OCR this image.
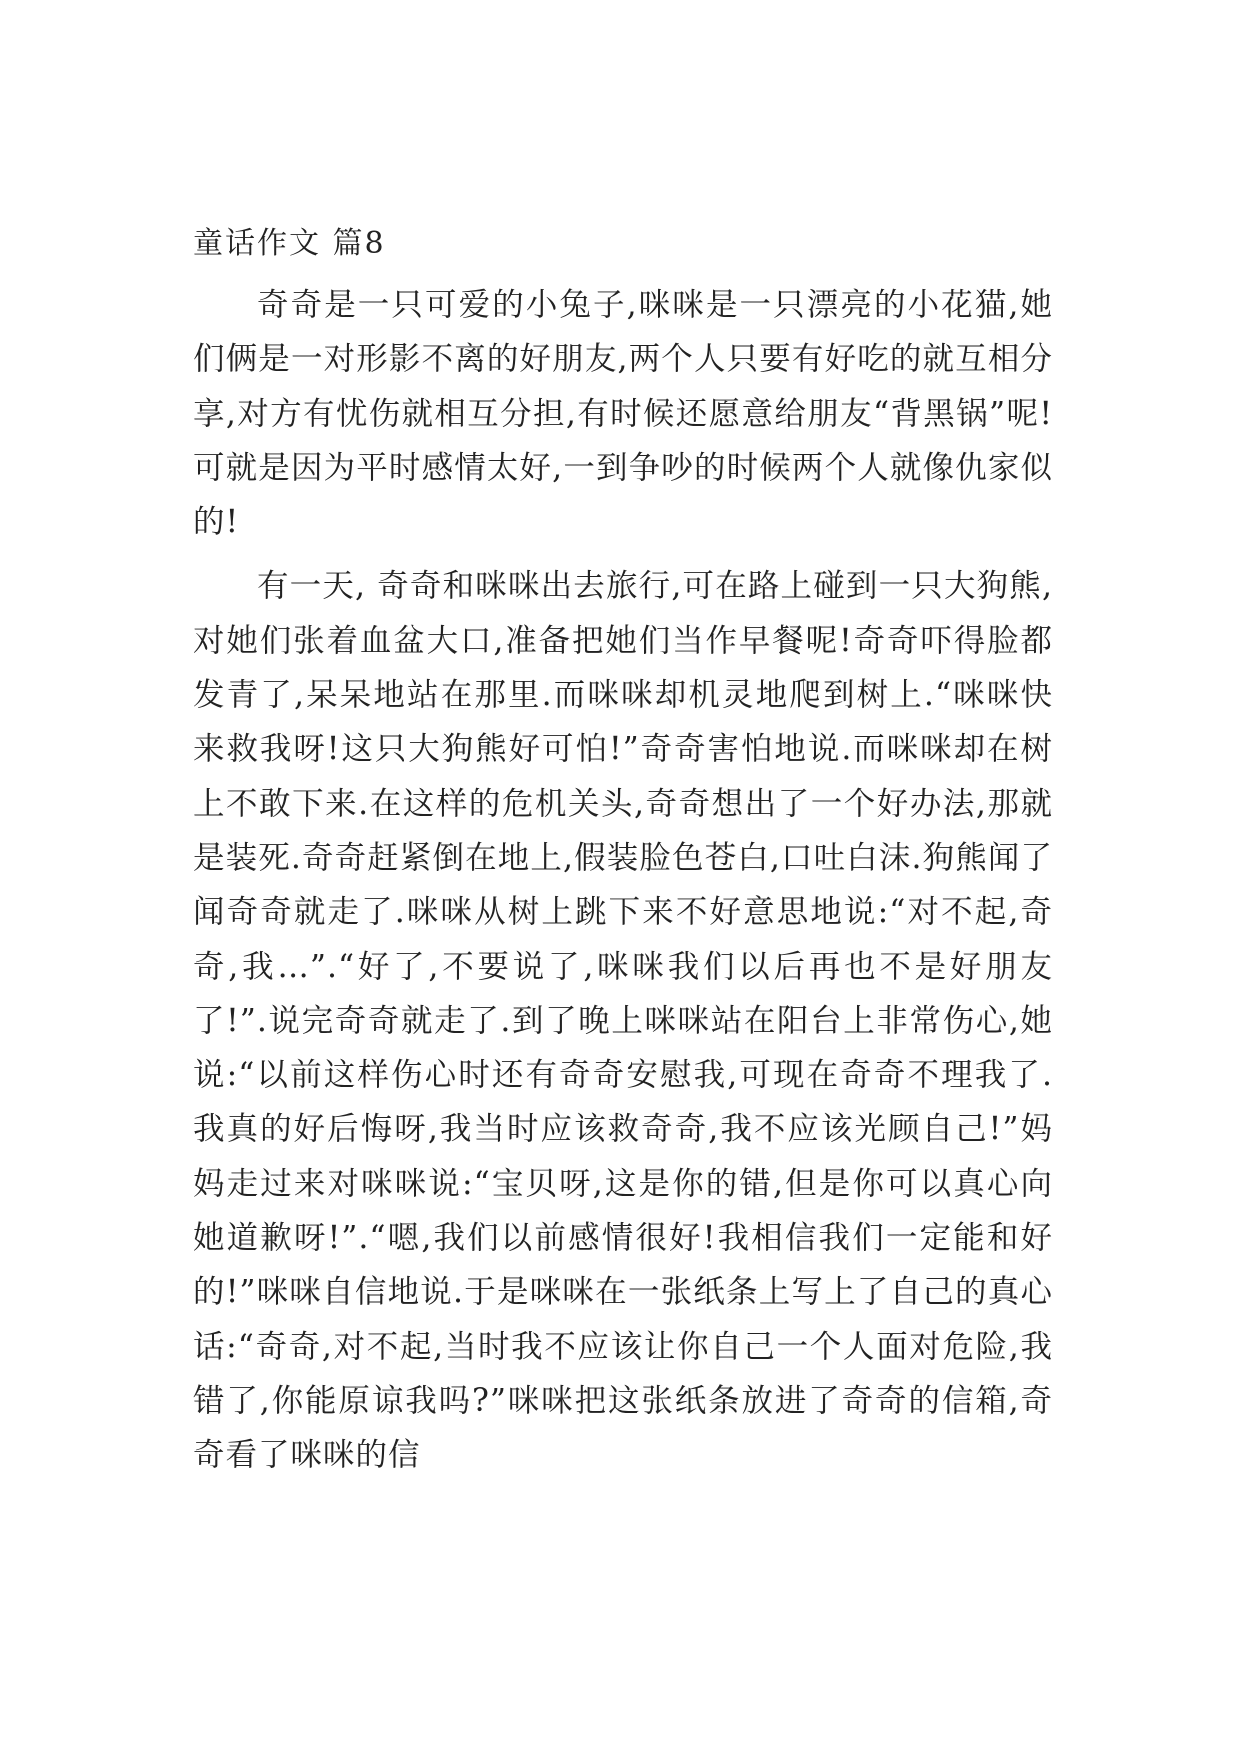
童话作文 篇8

奇奇是一只可爱的小兔子,咪咪是一只漂亮的小花猫,她们俩是一对形影不离的好朋友,两个人只要有好吃的就互相分享,对方有忧伤就相互分担,有时候还愿意给朋友“背黑锅”呢!可就是因为平时感情太好,一到争吵的时候两个人就像仇家似的!

有一天, 奇奇和咪咪出去旅行,可在路上碰到一只大狗熊,对她们张着血盆大口,准备把她们当作早餐呢!奇奇吓得脸都发青了,呆呆地站在那里.而咪咪却机灵地爬到树上.“咪咪快来救我呀!这只大狗熊好可怕!”奇奇害怕地说.而咪咪却在树上不敢下来.在这样的危机关头,奇奇想出了一个好办法,那就是装死.奇奇赶紧倒在地上,假装脸色苍白,口吐白沫.狗熊闻了闻奇奇就走了.咪咪从树上跳下来不好意思地说:“对不起,奇奇,我…”.“好了,不要说了,咪咪我们以后再也不是好朋友了!”.说完奇奇就走了.到了晚上咪咪站在阳台上非常伤心,她说:“以前这样伤心时还有奇奇安慰我,可现在奇奇不理我了.我真的好后悔呀,我当时应该救奇奇,我不应该光顾自己!”妈妈走过来对咪咪说:“宝贝呀,这是你的错,但是你可以真心向她道歉呀!”.“嗯,我们以前感情很好!我相信我们一定能和好的!”咪咪自信地说.于是咪咪在一张纸条上写上了自己的真心话:“奇奇,对不起,当时我不应该让你自己一个人面对危险,我错了,你能原谅我吗?”咪咪把这张纸条放进了奇奇的信箱,奇奇看了咪咪的信
